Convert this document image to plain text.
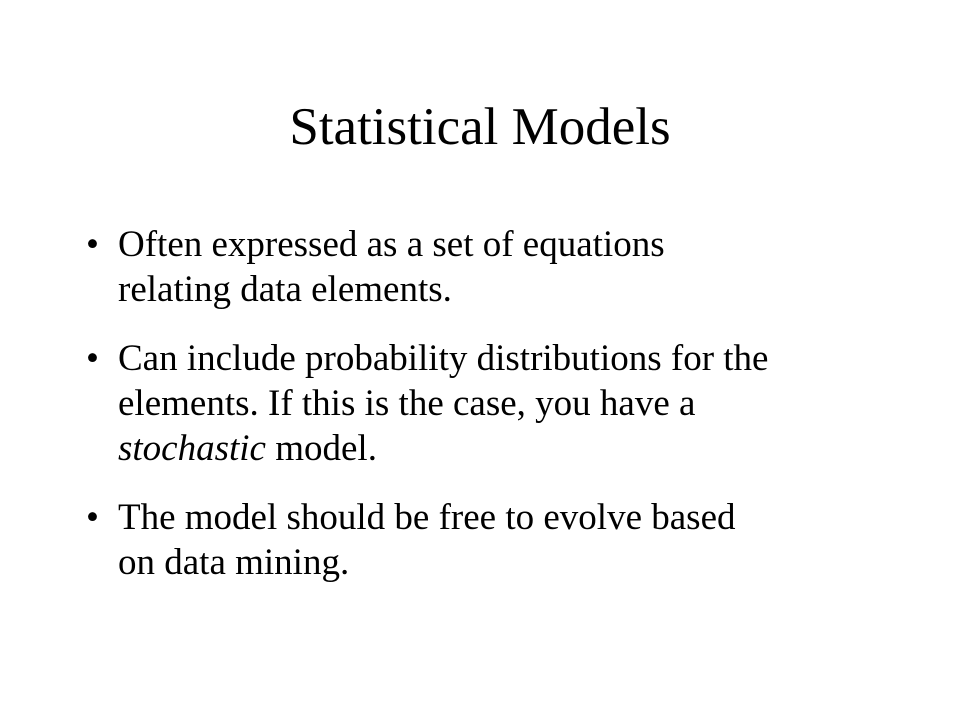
Statistical Models
• Often expressed as a set of equations
relating data elements.
• Can include probability distributions for the
elements. If this is the case, you have a
stochastic model.
• The model should be free to evolve based
on data mining.
